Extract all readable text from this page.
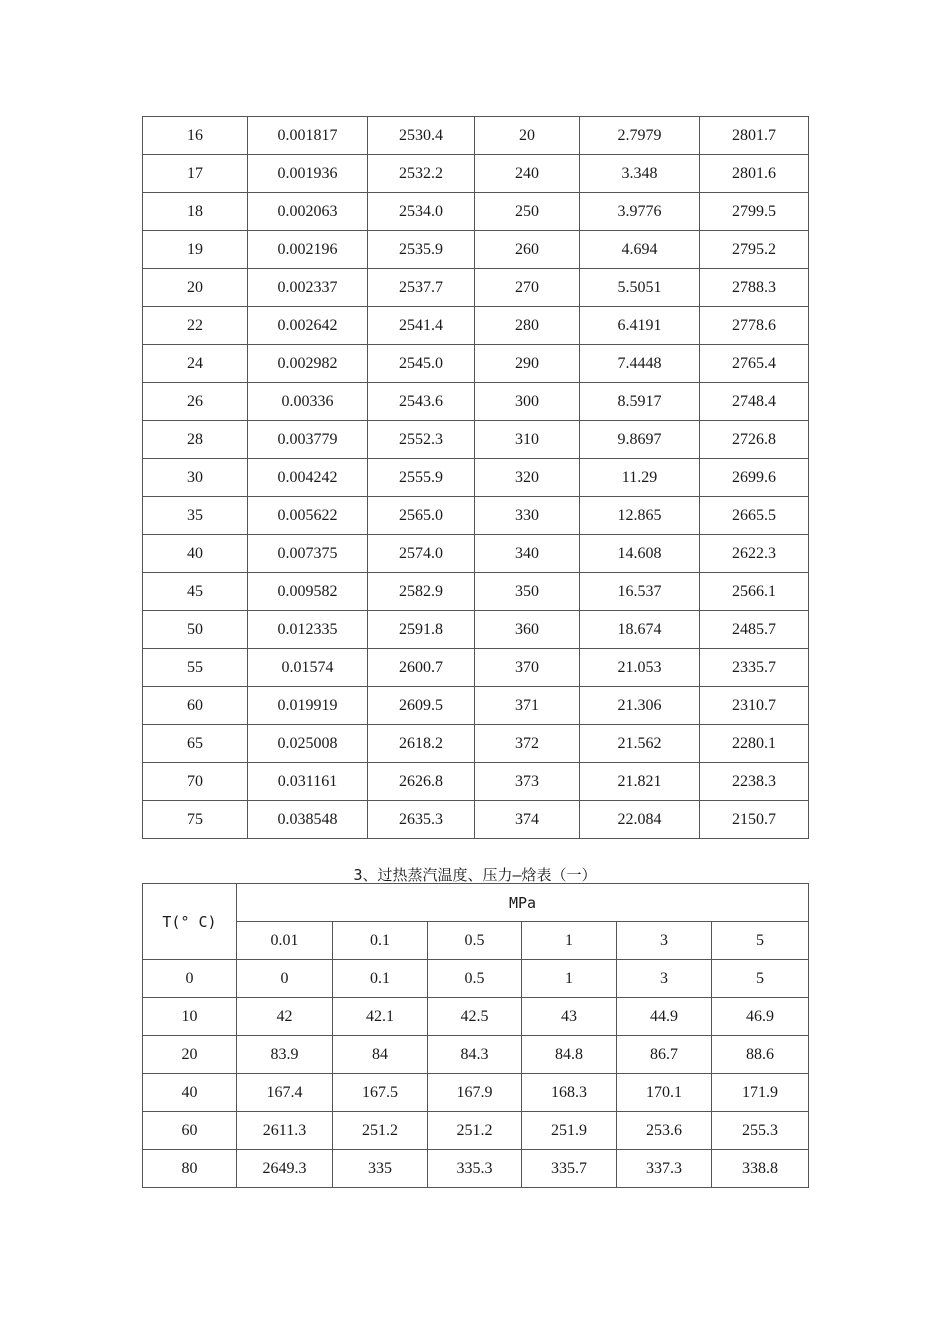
16	0.001817	2530.4	20	2.7979	2801.7
17	0.001936	2532.2	240	3.348	2801.6
18	0.002063	2534.0	250	3.9776	2799.5
19	0.002196	2535.9	260	4.694	2795.2
20	0.002337	2537.7	270	5.5051	2788.3
22	0.002642	2541.4	280	6.4191	2778.6
24	0.002982	2545.0	290	7.4448	2765.4
26	0.00336	2543.6	300	8.5917	2748.4
28	0.003779	2552.3	310	9.8697	2726.8
30	0.004242	2555.9	320	11.29	2699.6
35	0.005622	2565.0	330	12.865	2665.5
40	0.007375	2574.0	340	14.608	2622.3
45	0.009582	2582.9	350	16.537	2566.1
50	0.012335	2591.8	360	18.674	2485.7
55	0.01574	2600.7	370	21.053	2335.7
60	0.019919	2609.5	371	21.306	2310.7
65	0.025008	2618.2	372	21.562	2280.1
70	0.031161	2626.8	373	21.821	2238.3
75	0.038548	2635.3	374	22.084	2150.7
3、过热蒸汽温度、压力—焓表（一）
T(° C)	MPa					
	0.01	0.1	0.5	1	3	5
0	0	0.1	0.5	1	3	5
10	42	42.1	42.5	43	44.9	46.9
20	83.9	84	84.3	84.8	86.7	88.6
40	167.4	167.5	167.9	168.3	170.1	171.9
60	2611.3	251.2	251.2	251.9	253.6	255.3
80	2649.3	335	335.3	335.7	337.3	338.8
